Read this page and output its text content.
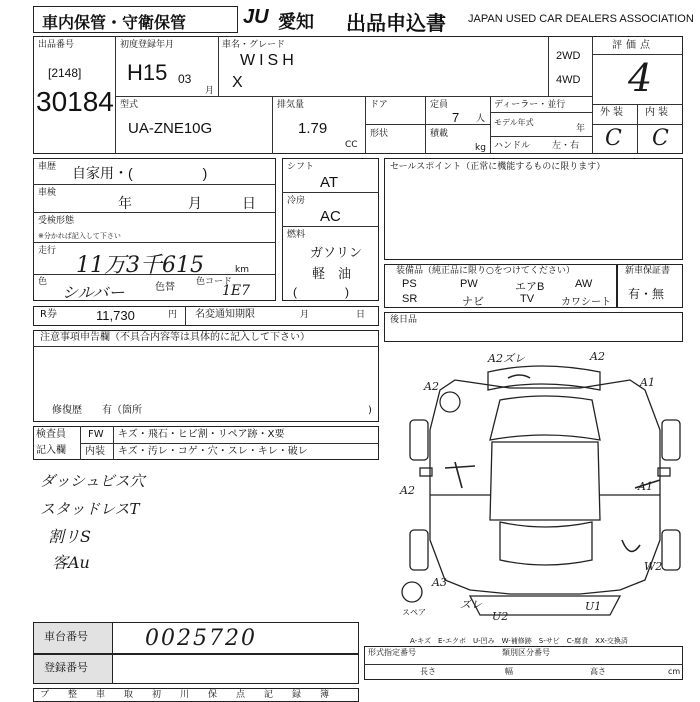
車内保管・守衛保管	JU 愛知 出品申込書 JAPAN USED CAR DEALERS ASSOCIATION
出品番号
[2148]
30184
初度登録年月
H15 03
月
車名・グレード
WISH
X
2WD
4WD
評価点
4
型式
UA-ZNE10G
排気量
1.79
CC
ドア
形状
定員
7 人
積載
kg
ディーラー・並行
モデル年式
年
ハンドル 左・右
外装 内装
C C
車歴 自家用・(　　　　　)
車検
年	月	日
受検形態
※分かれば記入して下さい
走行
11万3千615	km
色
シルバー	色替 色コード
1E7
シフト
AT
冷房
AC
燃料
ガソリン
軽　油
(　　　　)
セールスポイント（正常に機能するものに限ります）
装備品（純正品に限り○をつけてください）
PS	PW	エアB	AW
SR	ナビ	TV	カワシート
新車保証書
有・無
R券	11,730	円 名変通知期限	月	日	後日品
注意事項申告欄（不具合内容等は具体的に記入して下さい）
修復歴　　有（箇所	)
検査員
記入欄
FW キズ・飛石・ヒビ割・リペア跡・X要
内装 キズ・汚レ・コゲ・穴・スレ・キレ・破レ
ダッシュビス穴
スタッドレスT
割リS
客Au
車台番号	0025720
登録番号
A2ズレ	A2
A2	A1
A2	A1
W2
A3
ズレ
U2
U1
スペア
A-キズ　E-エクボ　U-凹み　W-補修跡　S-サビ　C-腐食　XX-交換済
形式指定番号	類別区分番号
長さ	幅	高さ	cm
ブ 整 車 取 初 川 保 点 記 録 簿
